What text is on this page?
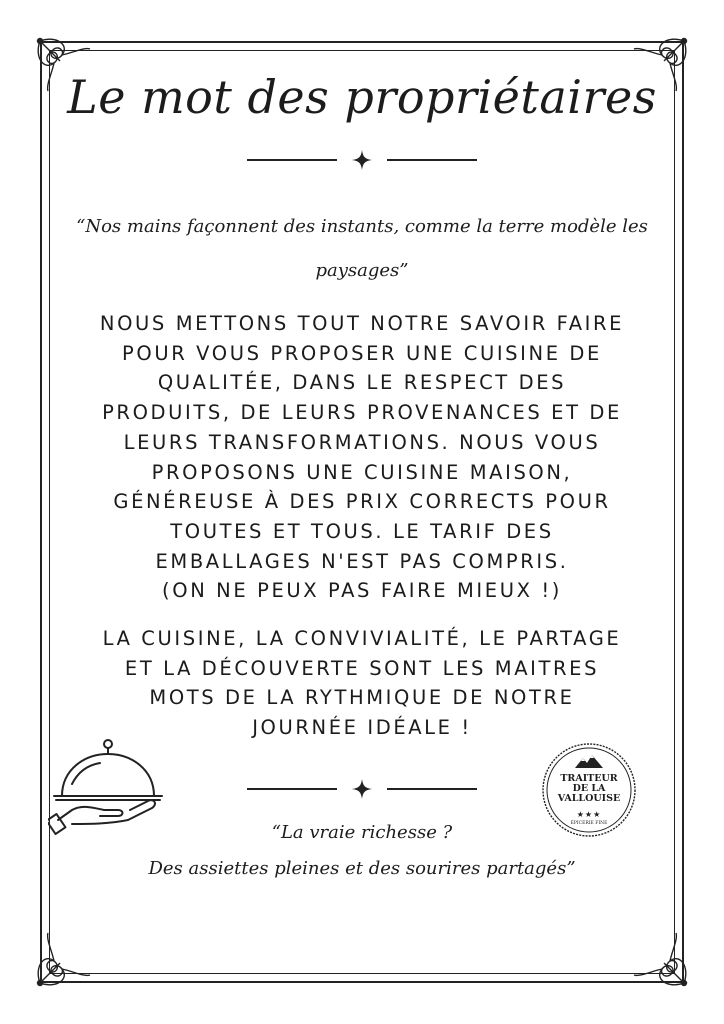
Le mot des propriétaires
“Nos mains façonnent des instants, comme la terre modèle les paysages”
NOUS METTONS TOUT NOTRE SAVOIR FAIRE
POUR VOUS PROPOSER UNE CUISINE DE
QUALITÉE, DANS LE RESPECT DES
PRODUITS, DE LEURS PROVENANCES ET DE
LEURS TRANSFORMATIONS. NOUS VOUS
PROPOSONS UNE CUISINE MAISON,
GÉNÉREUSE À DES PRIX CORRECTS POUR
TOUTES ET TOUS. LE TARIF DES
EMBALLAGES N'EST PAS COMPRIS.
(ON NE PEUX PAS FAIRE MIEUX !)
LA CUISINE, LA CONVIVIALITÉ, LE PARTAGE
ET LA DÉCOUVERTE SONT LES MAITRES
MOTS DE LA RYTHMIQUE DE NOTRE
JOURNÉE IDÉALE !
TRAITEUR
DE LA
VALLOUISE
★★★
ÉPICERIE FINE
“La vraie richesse ?
Des assiettes pleines et des sourires partagés”
